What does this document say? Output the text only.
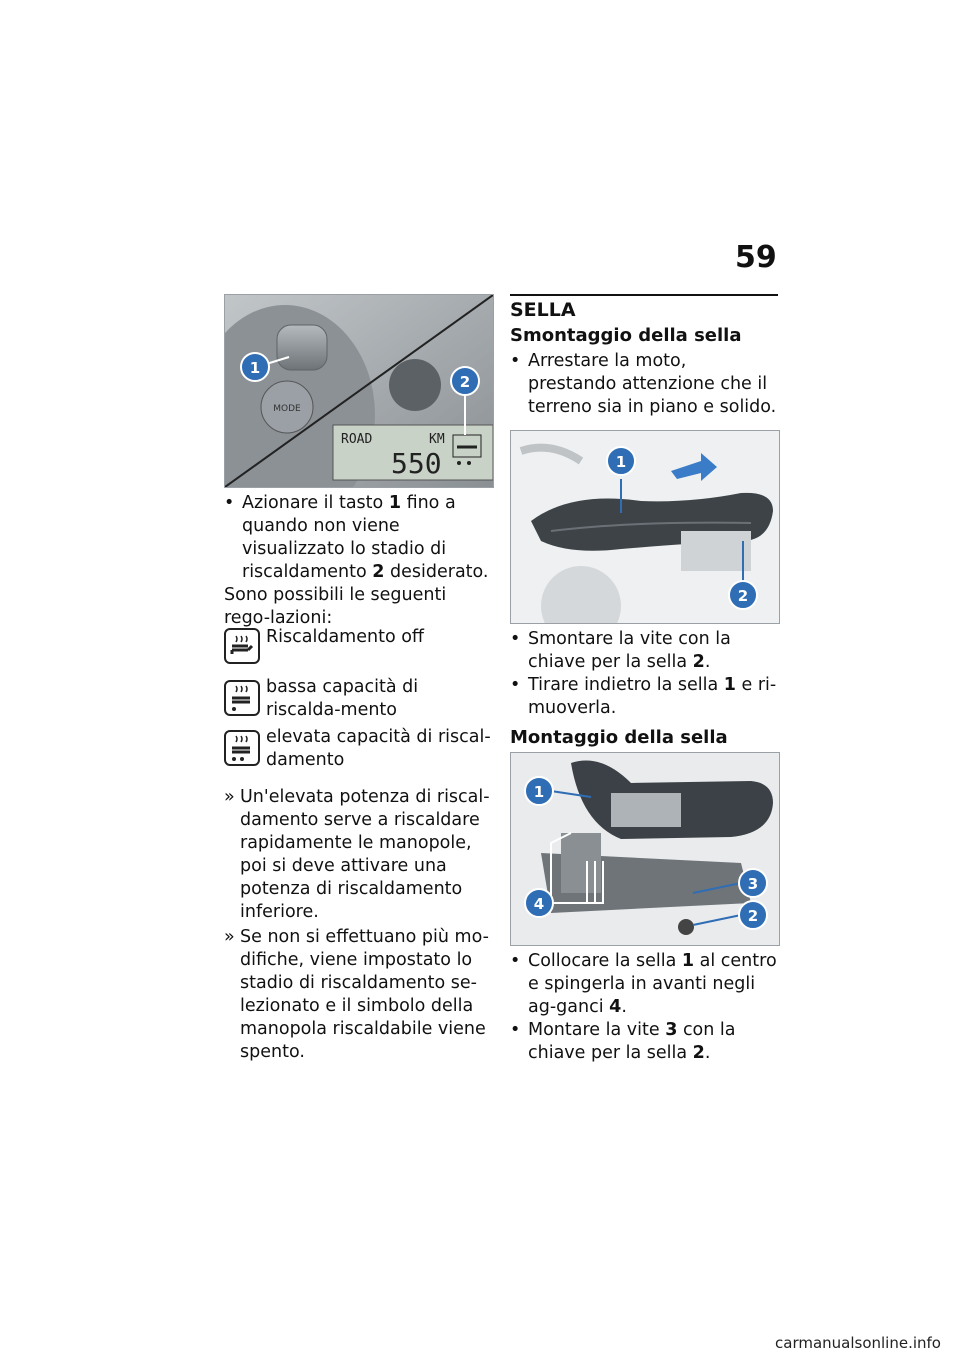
59
MODE
ROAD	KM
550
1
2
• Azionare il tasto 1 fino a quando non viene visualizzato lo stadio di riscaldamento 2 desiderato.
Sono possibili le seguenti rego-lazioni:
Riscaldamento off
bassa capacità di riscalda-mento
elevata capacità di riscal-damento
» Un'elevata potenza di riscal-damento serve a riscaldare rapidamente le manopole, poi si deve attivare una potenza di riscaldamento inferiore.
» Se non si effettuano più mo-difiche, viene impostato lo stadio di riscaldamento se-lezionato e il simbolo della manopola riscaldabile viene spento.
SELLA
Smontaggio della sella
• Arrestare la moto, prestando attenzione che il terreno sia in piano e solido.
1
2
• Smontare la vite con la chiave per la sella 2.
• Tirare indietro la sella 1 e ri-muoverla.
Montaggio della sella
1
4
3
2
• Collocare la sella 1 al centro e spingerla in avanti negli ag-ganci 4.
• Montare la vite 3 con la chiave per la sella 2.
carmanualsonline.info
